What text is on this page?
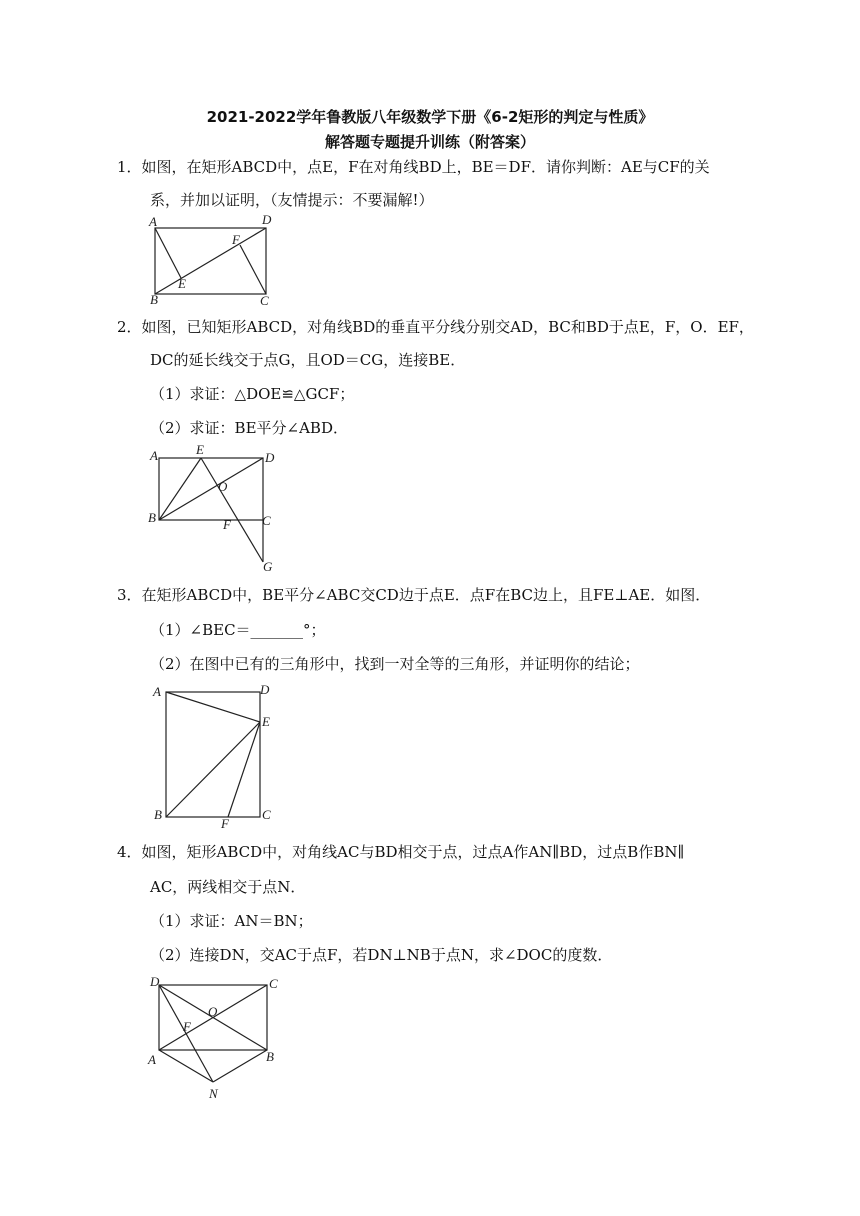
2021-2022学年鲁教版八年级数学下册《6-2矩形的判定与性质》
解答题专题提升训练（附答案）
1．如图，在矩形ABCD中，点E，F在对角线BD上，BE＝DF．请你判断：AE与CF的关
系，并加以证明，（友情提示：不要漏解!）
A	D
F
E
B	C
2．如图，已知矩形ABCD，对角线BD的垂直平分线分别交AD，BC和BD于点E，F，O．EF，
DC的延长线交于点G，且OD＝CG，连接BE．
（1）求证：△DOE≌△GCF；
（2）求证：BE平分∠ABD．
A	E
D
O
B	F C
G
3．在矩形ABCD中，BE平分∠ABC交CD边于点E．点F在BC边上，且FE⊥AE．如图．
（1）∠BEC＝_______°；
（2）在图中已有的三角形中，找到一对全等的三角形，并证明你的结论；
A	D
E
B
F
C
4．如图，矩形ABCD中，对角线AC与BD相交于点，过点A作AN∥BD，过点B作BN∥
AC，两线相交于点N．
（1）求证：AN＝BN；
（2）连接DN，交AC于点F，若DN⊥NB于点N，求∠DOC的度数．
D	C
O
F
A	B
N
